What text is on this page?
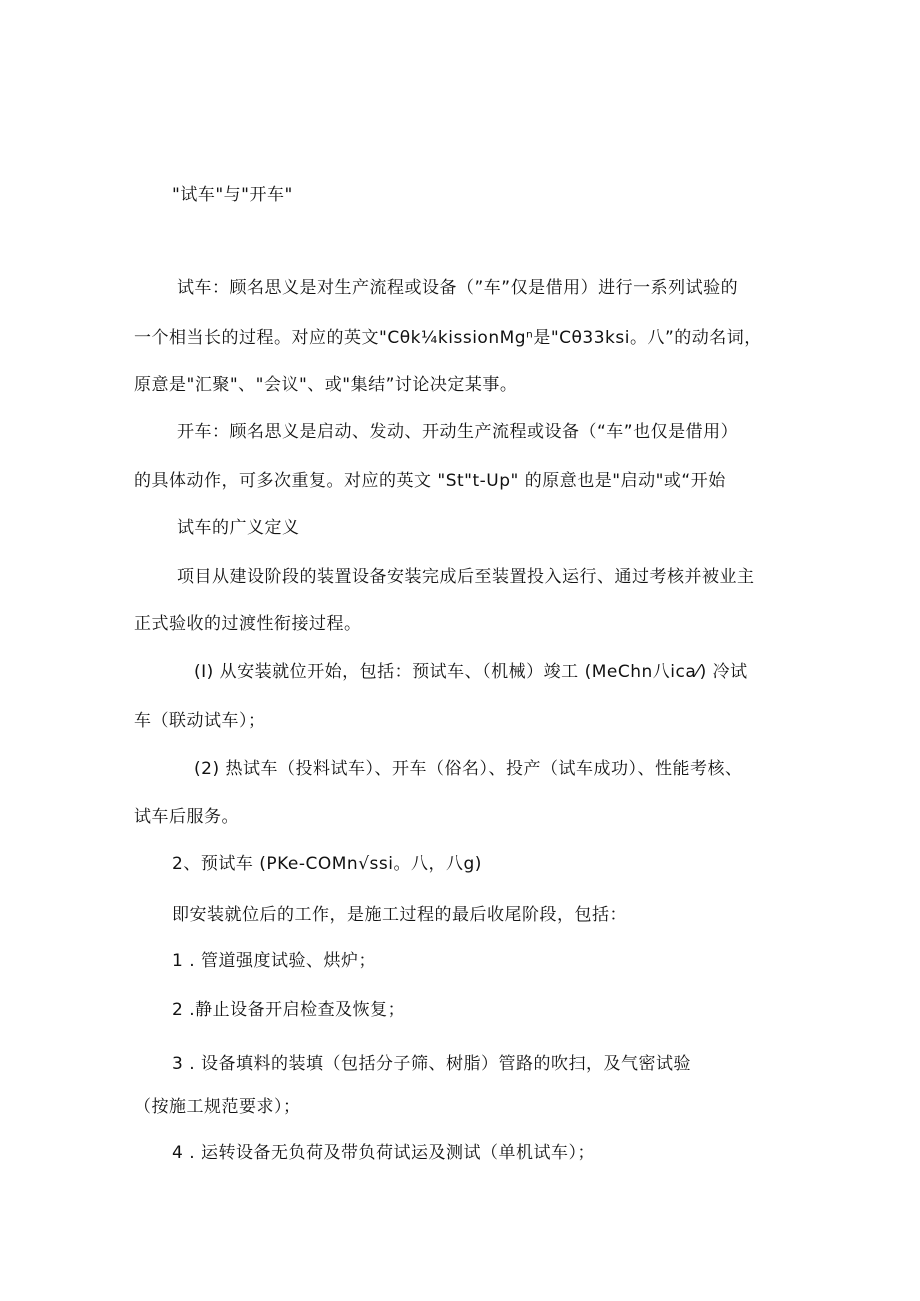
"试车"与"开车"
试车：顾名思义是对生产流程或设备（”车”仅是借用）进行一系列试验的
一个相当长的过程。对应的英文"Cθk¼kissionMgⁿ是"Cθ33ksi。八”的动名词，
原意是"汇聚"、"会议"、或"集结”讨论决定某事。
开车：顾名思义是启动、发动、开动生产流程或设备（“车”也仅是借用）
的具体动作，可多次重复。对应的英文 "St"t-Up" 的原意也是"启动"或“开始
试车的广义定义
项目从建设阶段的装置设备安装完成后至装置投入运行、通过考核并被业主
正式验收的过渡性衔接过程。
(I) 从安装就位开始，包括：预试车、（机械）竣工 (MeChn八ica⁄) 冷试
车（联动试车）；
(2) 热试车（投料试车）、开车（俗名）、投产（试车成功）、性能考核、
试车后服务。
2、预试车 (PKe-COMn√ssi。八，八g)
即安装就位后的工作，是施工过程的最后收尾阶段，包括：
1 . 管道强度试验、烘炉；
2 .静止设备开启检查及恢复；
3 . 设备填料的装填（包括分子筛、树脂）管路的吹扫，及气密试验
（按施工规范要求）；
4 . 运转设备无负荷及带负荷试运及测试（单机试车）；
